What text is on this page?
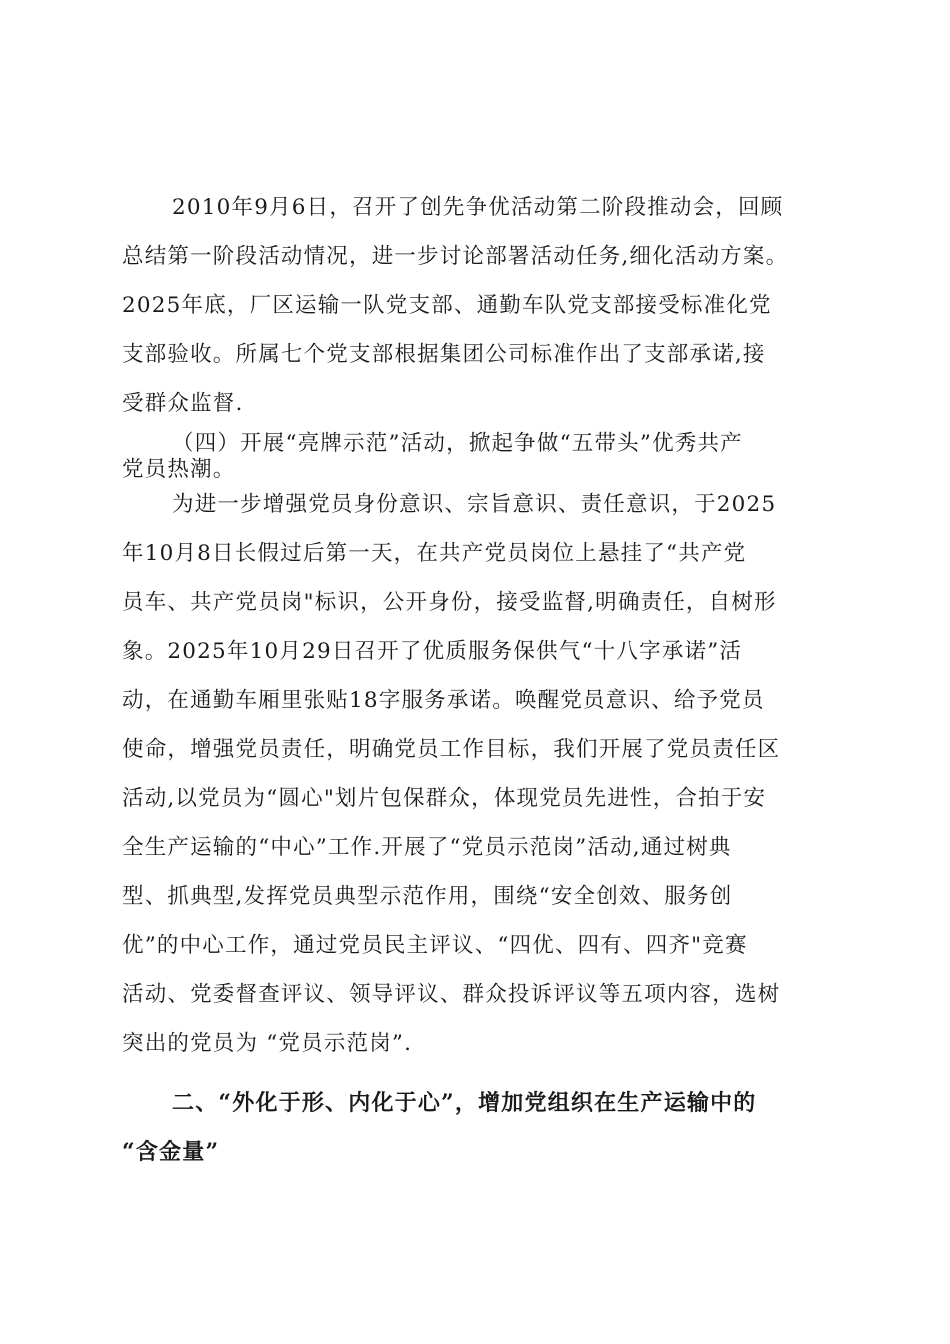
2010年9月6日，召开了创先争优活动第二阶段推动会，回顾
总结第一阶段活动情况，进一步讨论部署活动任务,细化活动方案。
2025年底，厂区运输一队党支部、通勤车队党支部接受标准化党
支部验收。所属七个党支部根据集团公司标准作出了支部承诺,接
受群众监督.
（四）开展“亮牌示范”活动，掀起争做“五带头”优秀共产
党员热潮。
为进一步增强党员身份意识、宗旨意识、责任意识，于2025
年10月8日长假过后第一天，在共产党员岗位上悬挂了“共产党
员车、共产党员岗"标识，公开身份，接受监督,明确责任，自树形
象。2025年10月29日召开了优质服务保供气“十八字承诺”活
动，在通勤车厢里张贴18字服务承诺。唤醒党员意识、给予党员
使命，增强党员责任，明确党员工作目标，我们开展了党员责任区
活动,以党员为“圆心"划片包保群众，体现党员先进性，合拍于安
全生产运输的“中心”工作.开展了“党员示范岗”活动,通过树典
型、抓典型,发挥党员典型示范作用，围绕“安全创效、服务创
优”的中心工作，通过党员民主评议、“四优、四有、四齐"竞赛
活动、党委督查评议、领导评议、群众投诉评议等五项内容，选树
突出的党员为 “党员示范岗”.
二、“外化于形、内化于心”，增加党组织在生产运输中的
“含金量”
